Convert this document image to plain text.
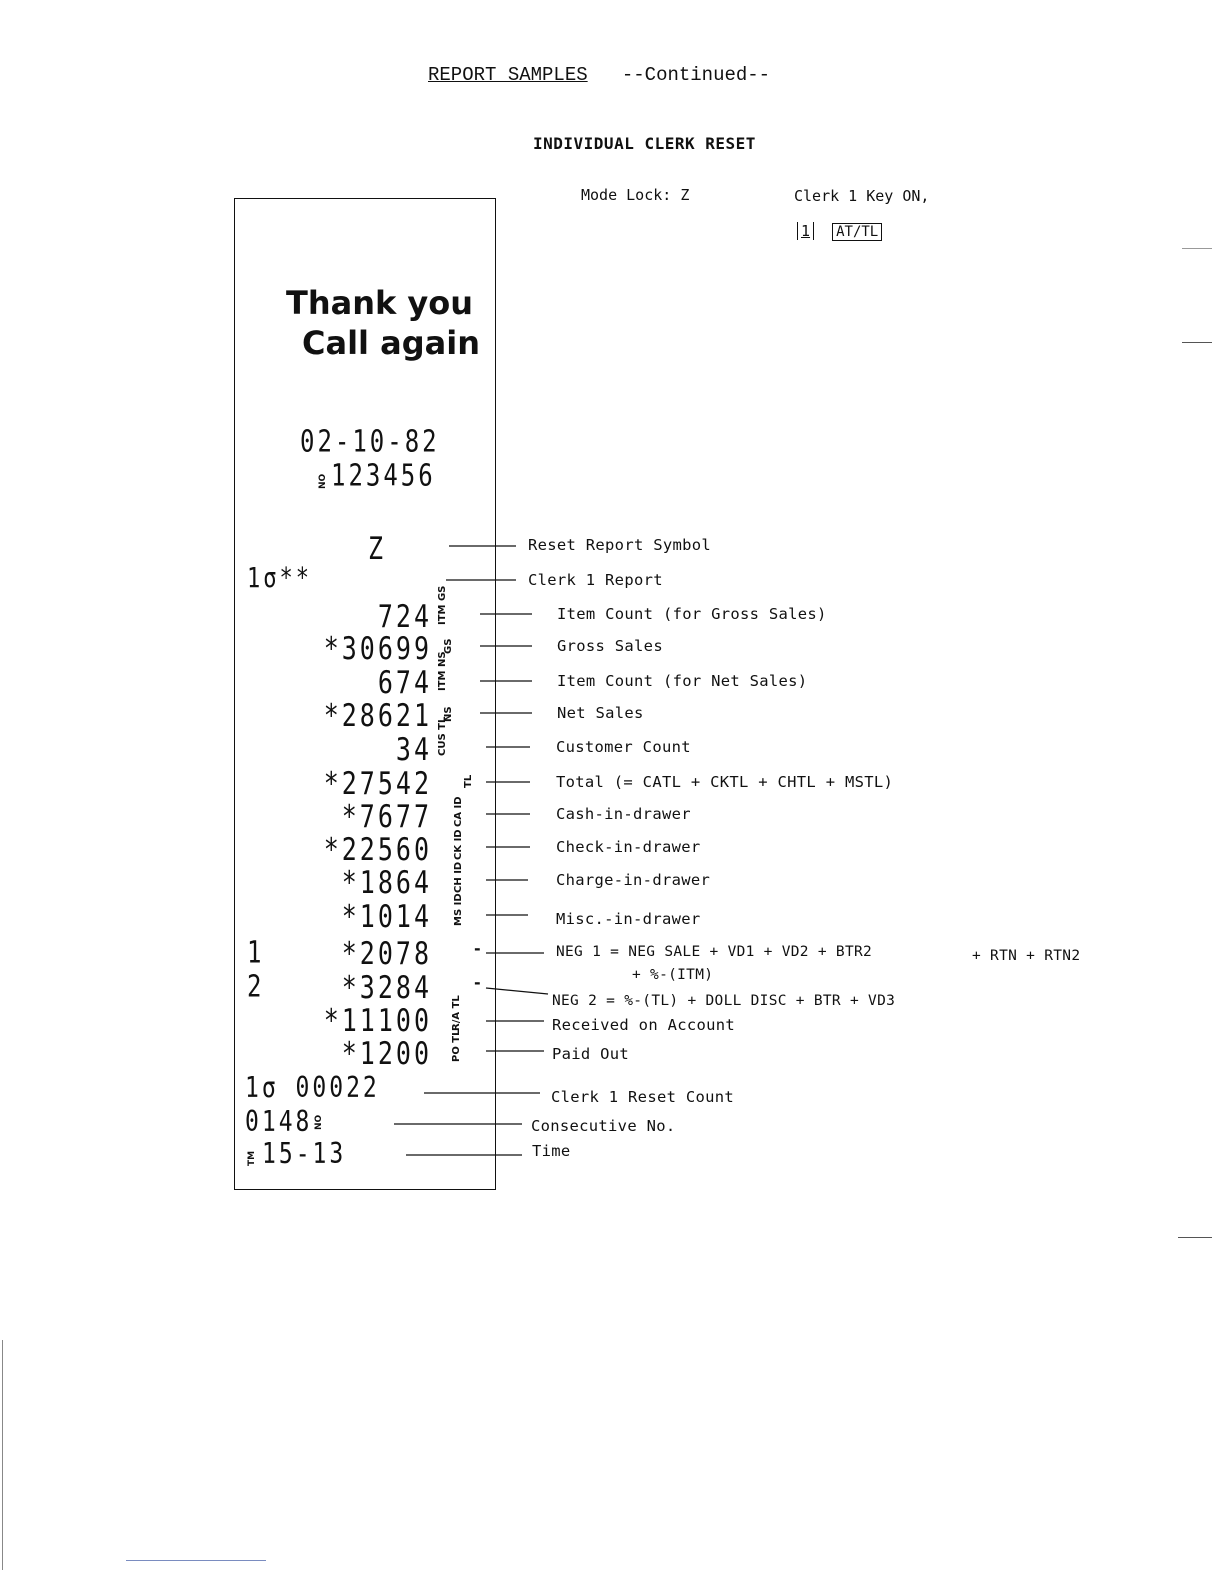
REPORT SAMPLES --Continued--
INDIVIDUAL CLERK RESET
Mode Lock: Z	Clerk 1 Key ON,
1 AT/TL
Thank you
Call again
02-10-82
NO 123456
Z
1σ**
1
2
724
*30699
674
*28621
34
*27542
*7677
*22560
*1864
*1014
*2078
*3284
*11100
*1200
ITM GS
GS
ITM NS
NS
CUS TL
TL
CA ID
CK ID
CH ID
MS ID
-
-
R/A TL
PO TL
1σ 00022
0148 NO
TM 15-13
Reset Report Symbol
Clerk 1 Report
Item Count (for Gross Sales)
Gross Sales
Item Count (for Net Sales)
Net Sales
Customer Count
Total (= CATL + CKTL + CHTL + MSTL)
Cash-in-drawer
Check-in-drawer
Charge-in-drawer
Misc.-in-drawer
NEG 1 = NEG SALE + VD1 + VD2 + BTR2	+ RTN + RTN2
+ %-(ITM)
NEG 2 = %-(TL) + DOLL DISC + BTR + VD3
Received on Account
Paid Out
Clerk 1 Reset Count
Consecutive No.
Time
